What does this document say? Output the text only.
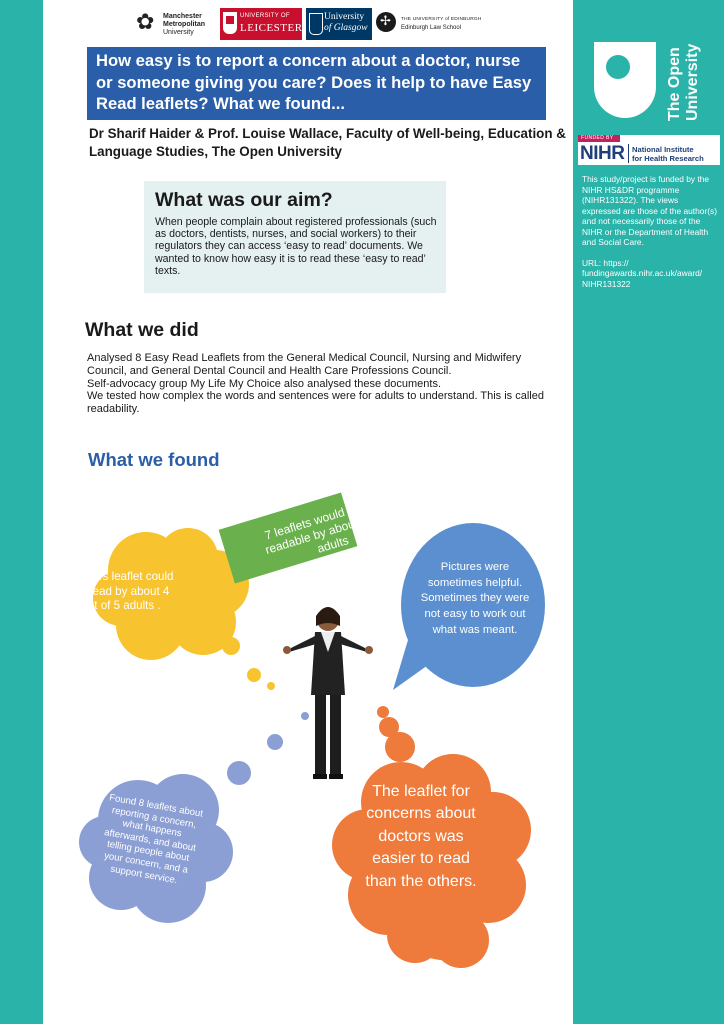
✿ Manchester
Metropolitan
University
UNIVERSITY OF
LEICESTER
University
of Glasgow
✢
THE UNIVERSITY of EDINBURGH
Edinburgh Law School
How easy is to report a concern about a doctor, nurse or someone giving you care? Does it help to have Easy Read leaflets? What we found...

Dr Sharif Haider & Prof. Louise Wallace, Faculty of Well-being, Education & Language Studies, The Open University

What was our aim?

When people complain about registered professionals (such as doctors, dentists, nurses, and social workers) to their regulators they can access ‘easy to read’ documents. We wanted to know how easy it is to read these ‘easy to read’ texts.

What we did
Analysed 8 Easy Read Leaflets from the General Medical Council, Nursing and Midwifery Council, and General Dental Council and Health Care Professions Council.
Self-advocacy group My Life My Choice also analysed these documents.
We tested how complex the words and sentences were for adults to understand. This is called readability.
What we found
Doctors leaflet could be read by about 4 out of 5 adults .
7 leaflets would only be readable by about half of adults
Pictures were sometimes helpful. Sometimes they were not easy to work out what was meant.
Found 8 leaflets about reporting a concern, what happens afterwards, and about telling people about your concern, and a support service.
The leaflet for concerns about doctors was easier to read than the others.
The Open University
FUNDED BY
NIHR National Institute
for Health Research

This study/project is funded by the NIHR HS&DR programme (NIHR131322). The views expressed are those of the author(s) and not necessarily those of the NIHR or the Department of Health and Social Care.

URL: https:// fundingawards.nihr.ac.uk/award/ NIHR131322
